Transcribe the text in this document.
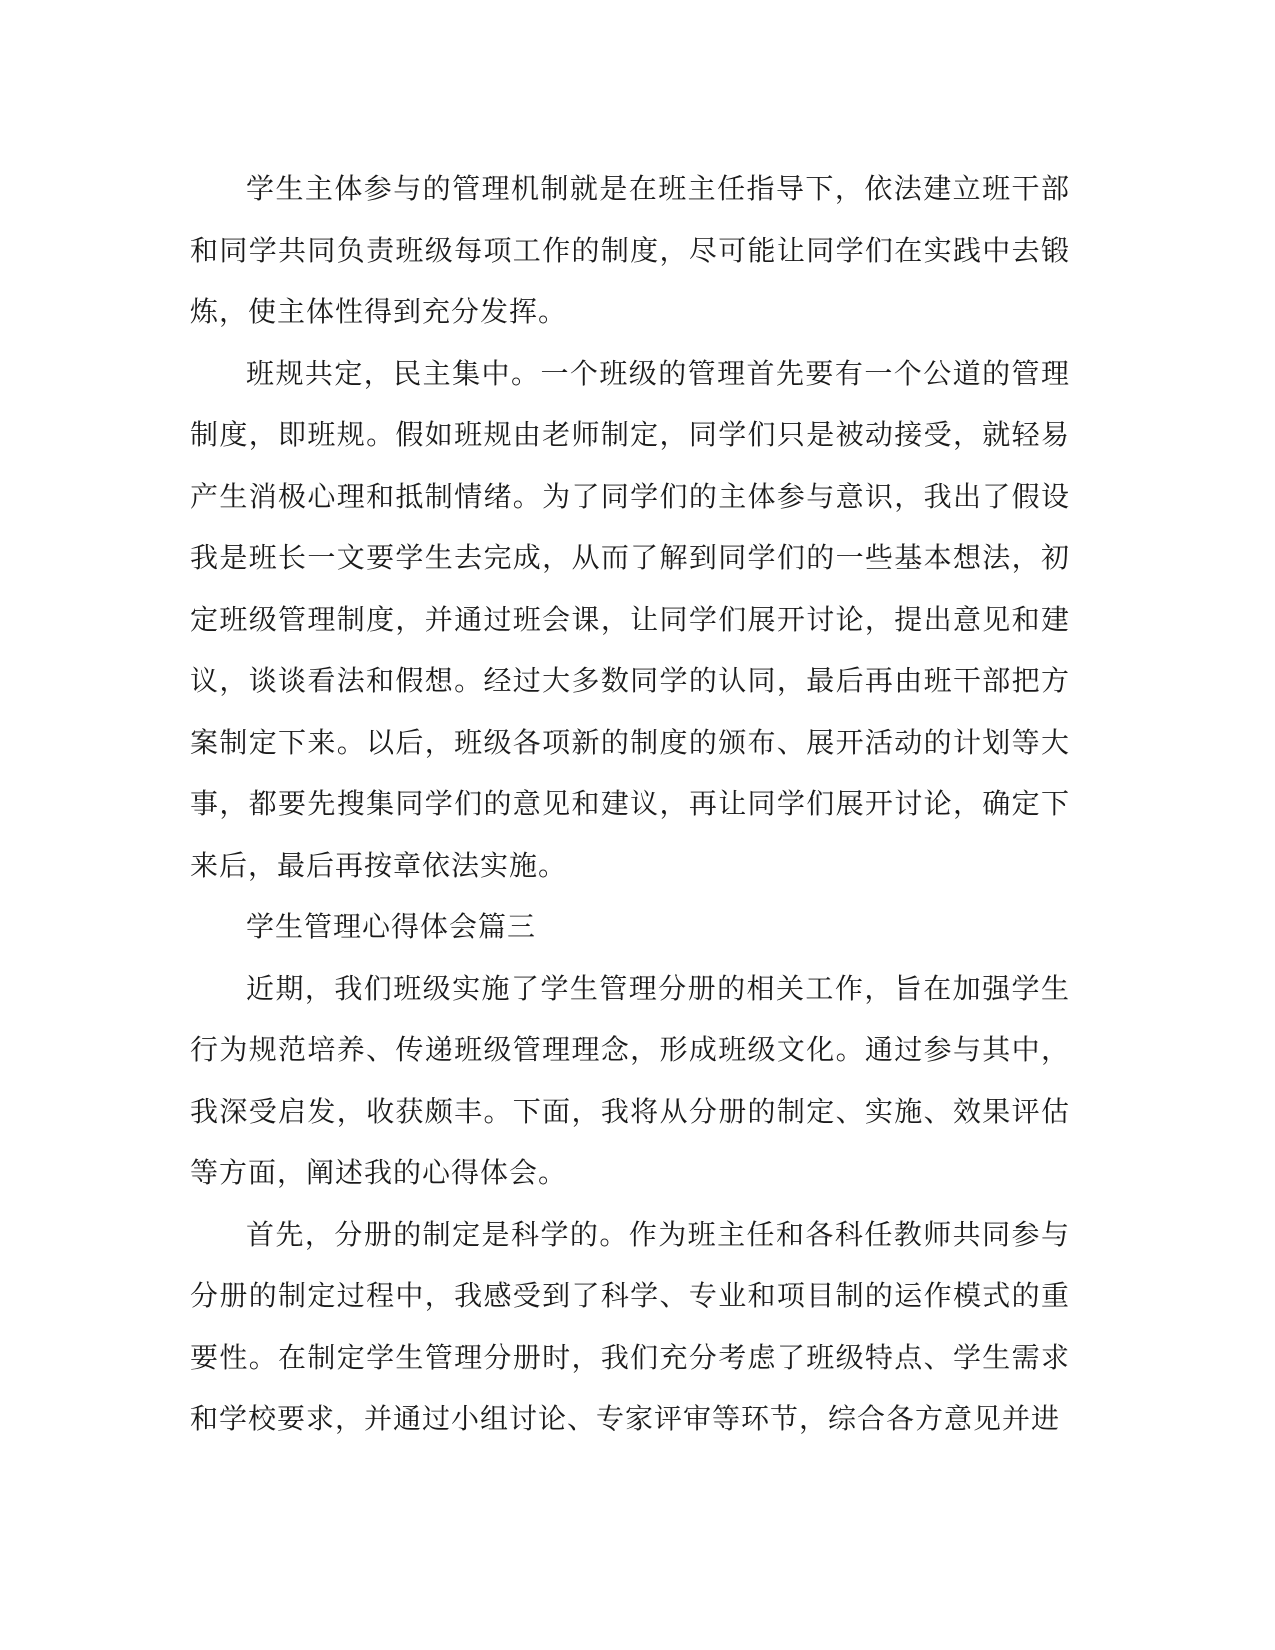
学生主体参与的管理机制就是在班主任指导下，依法建立班干部和同学共同负责班级每项工作的制度，尽可能让同学们在实践中去锻炼，使主体性得到充分发挥。

班规共定，民主集中。一个班级的管理首先要有一个公道的管理制度，即班规。假如班规由老师制定，同学们只是被动接受，就轻易产生消极心理和抵制情绪。为了同学们的主体参与意识，我出了假设我是班长一文要学生去完成，从而了解到同学们的一些基本想法，初定班级管理制度，并通过班会课，让同学们展开讨论，提出意见和建议，谈谈看法和假想。经过大多数同学的认同，最后再由班干部把方案制定下来。以后，班级各项新的制度的颁布、展开活动的计划等大事，都要先搜集同学们的意见和建议，再让同学们展开讨论，确定下来后，最后再按章依法实施。

学生管理心得体会篇三

近期，我们班级实施了学生管理分册的相关工作，旨在加强学生行为规范培养、传递班级管理理念，形成班级文化。通过参与其中，我深受启发，收获颇丰。下面，我将从分册的制定、实施、效果评估等方面，阐述我的心得体会。

首先，分册的制定是科学的。作为班主任和各科任教师共同参与分册的制定过程中，我感受到了科学、专业和项目制的运作模式的重要性。在制定学生管理分册时，我们充分考虑了班级特点、学生需求和学校要求，并通过小组讨论、专家评审等环节，综合各方意见并进
